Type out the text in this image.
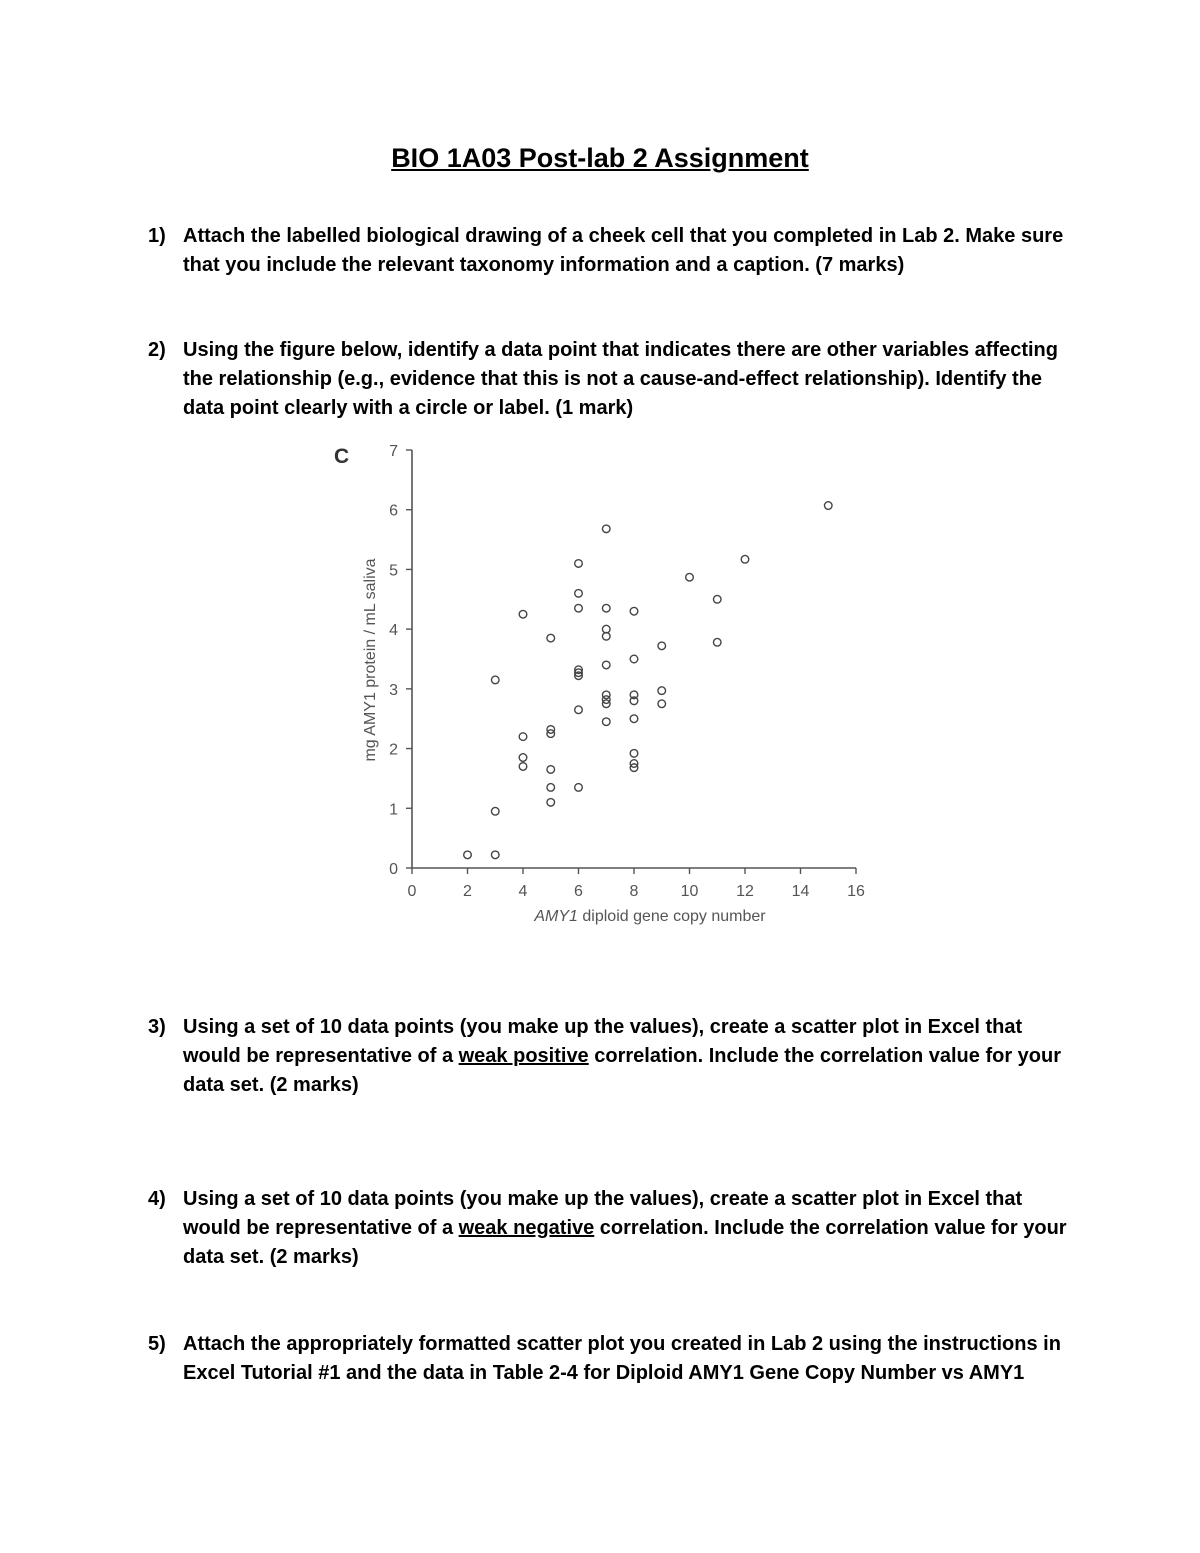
BIO 1A03 Post-lab 2 Assignment
1) Attach the labelled biological drawing of a cheek cell that you completed in Lab 2. Make sure that you include the relevant taxonomy information and a caption. (7 marks)
2) Using the figure below, identify a data point that indicates there are other variables affecting the relationship (e.g., evidence that this is not a cause-and-effect relationship). Identify the data point clearly with a circle or label. (1 mark)
C
0	2	4	6	8	10 12 14 16
0
1
2
3
4
5
6
7
AMY1 diploid gene copy number
mg AMY1 protein / mL saliva
3) Using a set of 10 data points (you make up the values), create a scatter plot in Excel that would be representative of a weak positive correlation. Include the correlation value for your data set. (2 marks)
4) Using a set of 10 data points (you make up the values), create a scatter plot in Excel that would be representative of a weak negative correlation. Include the correlation value for your data set. (2 marks)
5) Attach the appropriately formatted scatter plot you created in Lab 2 using the instructions in Excel Tutorial #1 and the data in Table 2-4 for Diploid AMY1 Gene Copy Number vs AMY1
